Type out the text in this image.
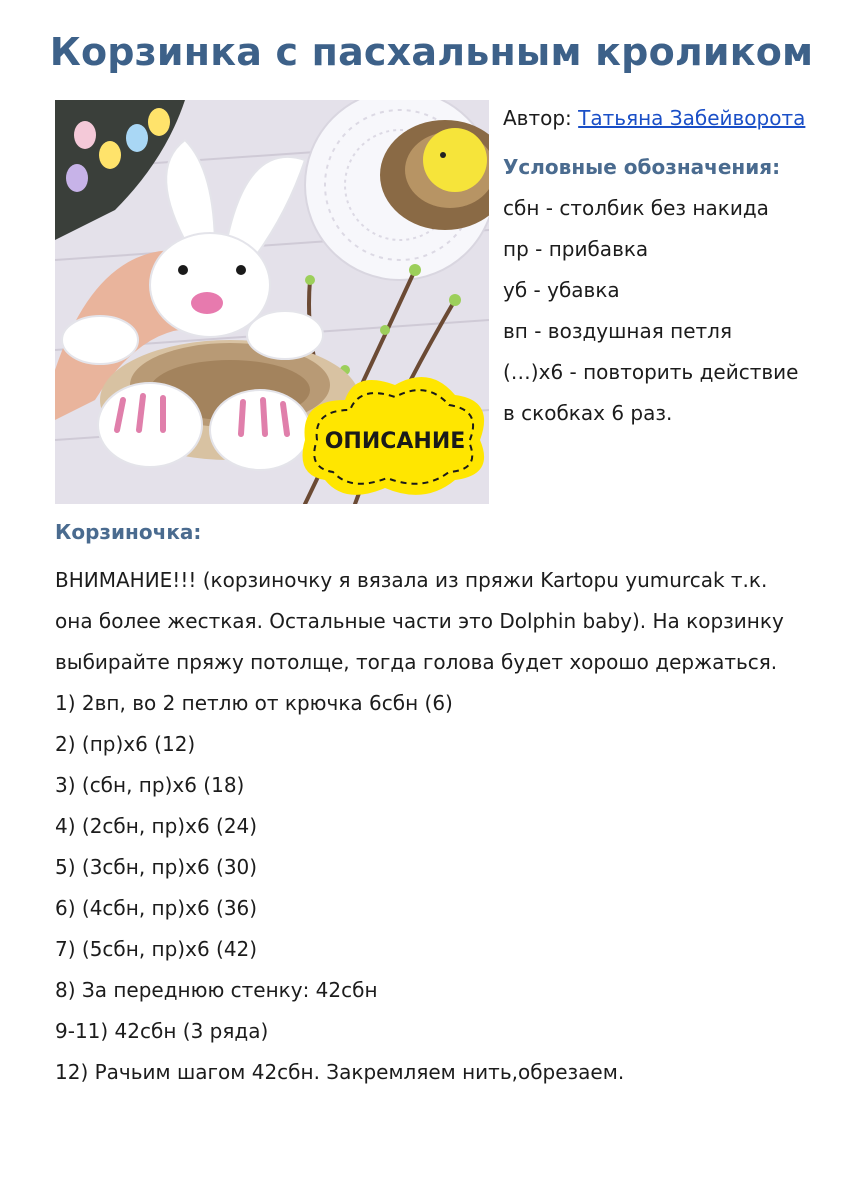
Корзинка с пасхальным кроликом
ОПИСАНИЕ
Автор: Татьяна Забейворота
Условные обозначения:
сбн - столбик без накида
пр - прибавка
уб - убавка
вп - воздушная петля
(…)х6 - повторить действие
в скобках 6 раз.
Корзиночка:
ВНИМАНИЕ!!! (корзиночку я вязала из пряжи Kartopu yumurcak т.к.
она более жесткая. Остальные части это Dolphin baby). На корзинку
выбирайте пряжу потолще, тогда голова будет хорошо держаться.
1) 2вп, во 2 петлю от крючка 6сбн (6)
2) (пр)х6 (12)
3) (сбн, пр)х6 (18)
4) (2сбн, пр)х6 (24)
5) (3сбн, пр)х6 (30)
6) (4сбн, пр)х6 (36)
7) (5сбн, пр)х6 (42)
8) За переднюю стенку: 42сбн
9-11) 42сбн (3 ряда)
12) Рачьим шагом 42сбн. Закремляем нить,обрезаем.
